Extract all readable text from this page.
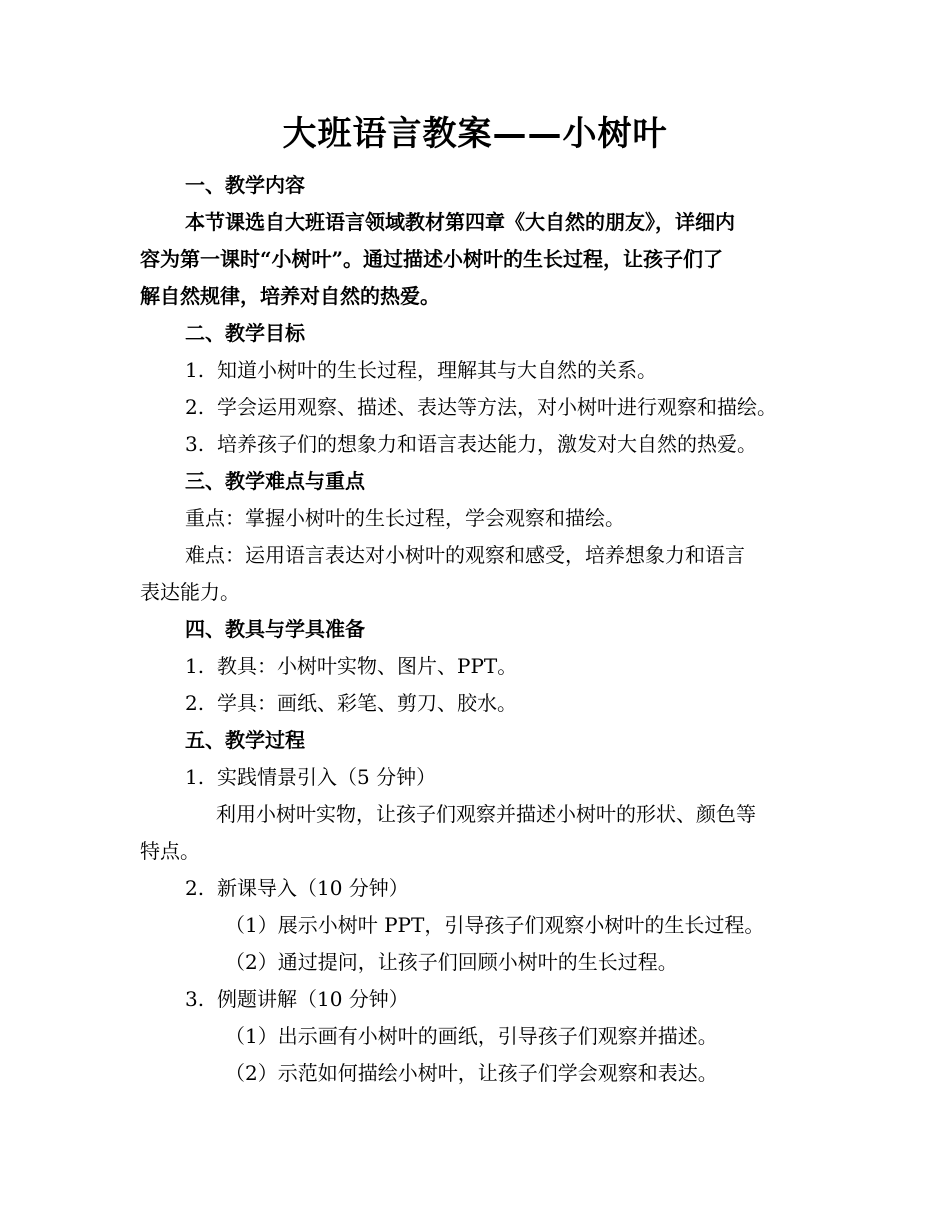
大班语言教案——小树叶
一、教学内容
本节课选自大班语言领域教材第四章《大自然的朋友》，详细内
容为第一课时“小树叶”。通过描述小树叶的生长过程，让孩子们了
解自然规律，培养对自然的热爱。
二、教学目标
1. 知道小树叶的生长过程，理解其与大自然的关系。
2. 学会运用观察、描述、表达等方法，对小树叶进行观察和描绘。
3. 培养孩子们的想象力和语言表达能力，激发对大自然的热爱。
三、教学难点与重点
重点：掌握小树叶的生长过程，学会观察和描绘。
难点：运用语言表达对小树叶的观察和感受，培养想象力和语言
表达能力。
四、教具与学具准备
1. 教具：小树叶实物、图片、PPT。
2. 学具：画纸、彩笔、剪刀、胶水。
五、教学过程
1. 实践情景引入（5 分钟）
利用小树叶实物，让孩子们观察并描述小树叶的形状、颜色等
特点。
2. 新课导入（10 分钟）
（1）展示小树叶 PPT，引导孩子们观察小树叶的生长过程。
（2）通过提问，让孩子们回顾小树叶的生长过程。
3. 例题讲解（10 分钟）
（1）出示画有小树叶的画纸，引导孩子们观察并描述。
（2）示范如何描绘小树叶，让孩子们学会观察和表达。
